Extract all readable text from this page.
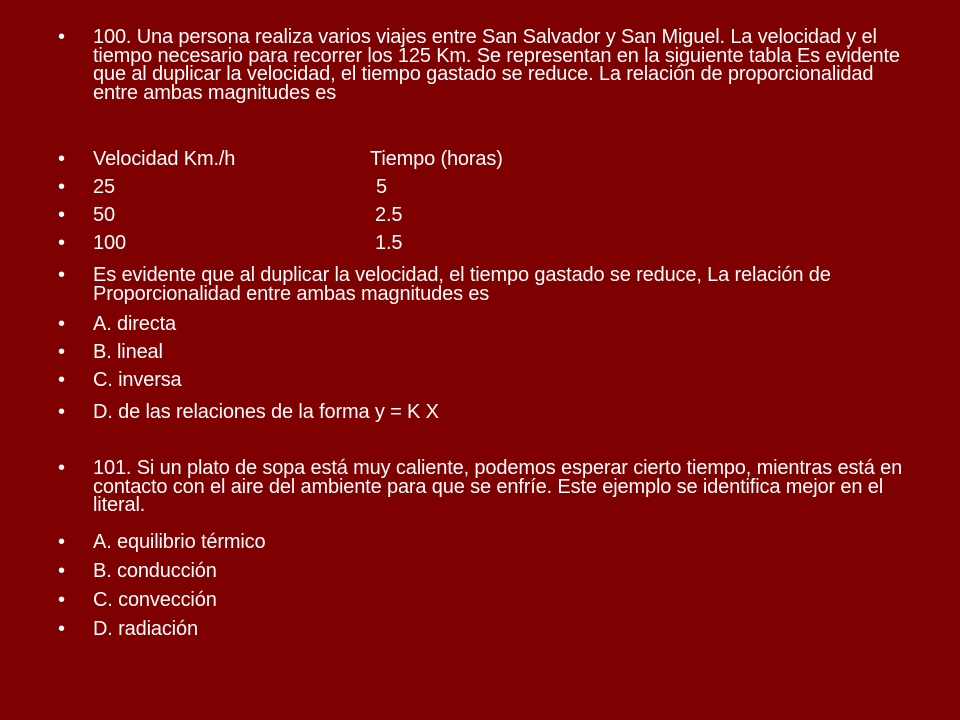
• 100. Una persona realiza varios viajes entre San Salvador y San Miguel. La velocidad y el tiempo necesario para recorrer los 125 Km. Se representan en la siguiente tabla Es evidente que al duplicar la velocidad, el tiempo gastado se reduce. La relación de proporcionalidad entre ambas magnitudes es
• Velocidad Km./h	Tiempo (horas)
• 25	5
• 50	2.5
• 100	1.5
• Es evidente que al duplicar la velocidad, el tiempo gastado se reduce, La relación de Proporcionalidad entre ambas magnitudes es
• A. directa
• B. lineal
• C. inversa
• D. de las relaciones de la forma y = K X
• 101. Si un plato de sopa está muy caliente, podemos esperar cierto tiempo, mientras está en contacto con el aire del ambiente para que se enfríe. Este ejemplo se identifica mejor en el literal.
• A. equilibrio térmico
• B. conducción
• C. convección
• D. radiación
